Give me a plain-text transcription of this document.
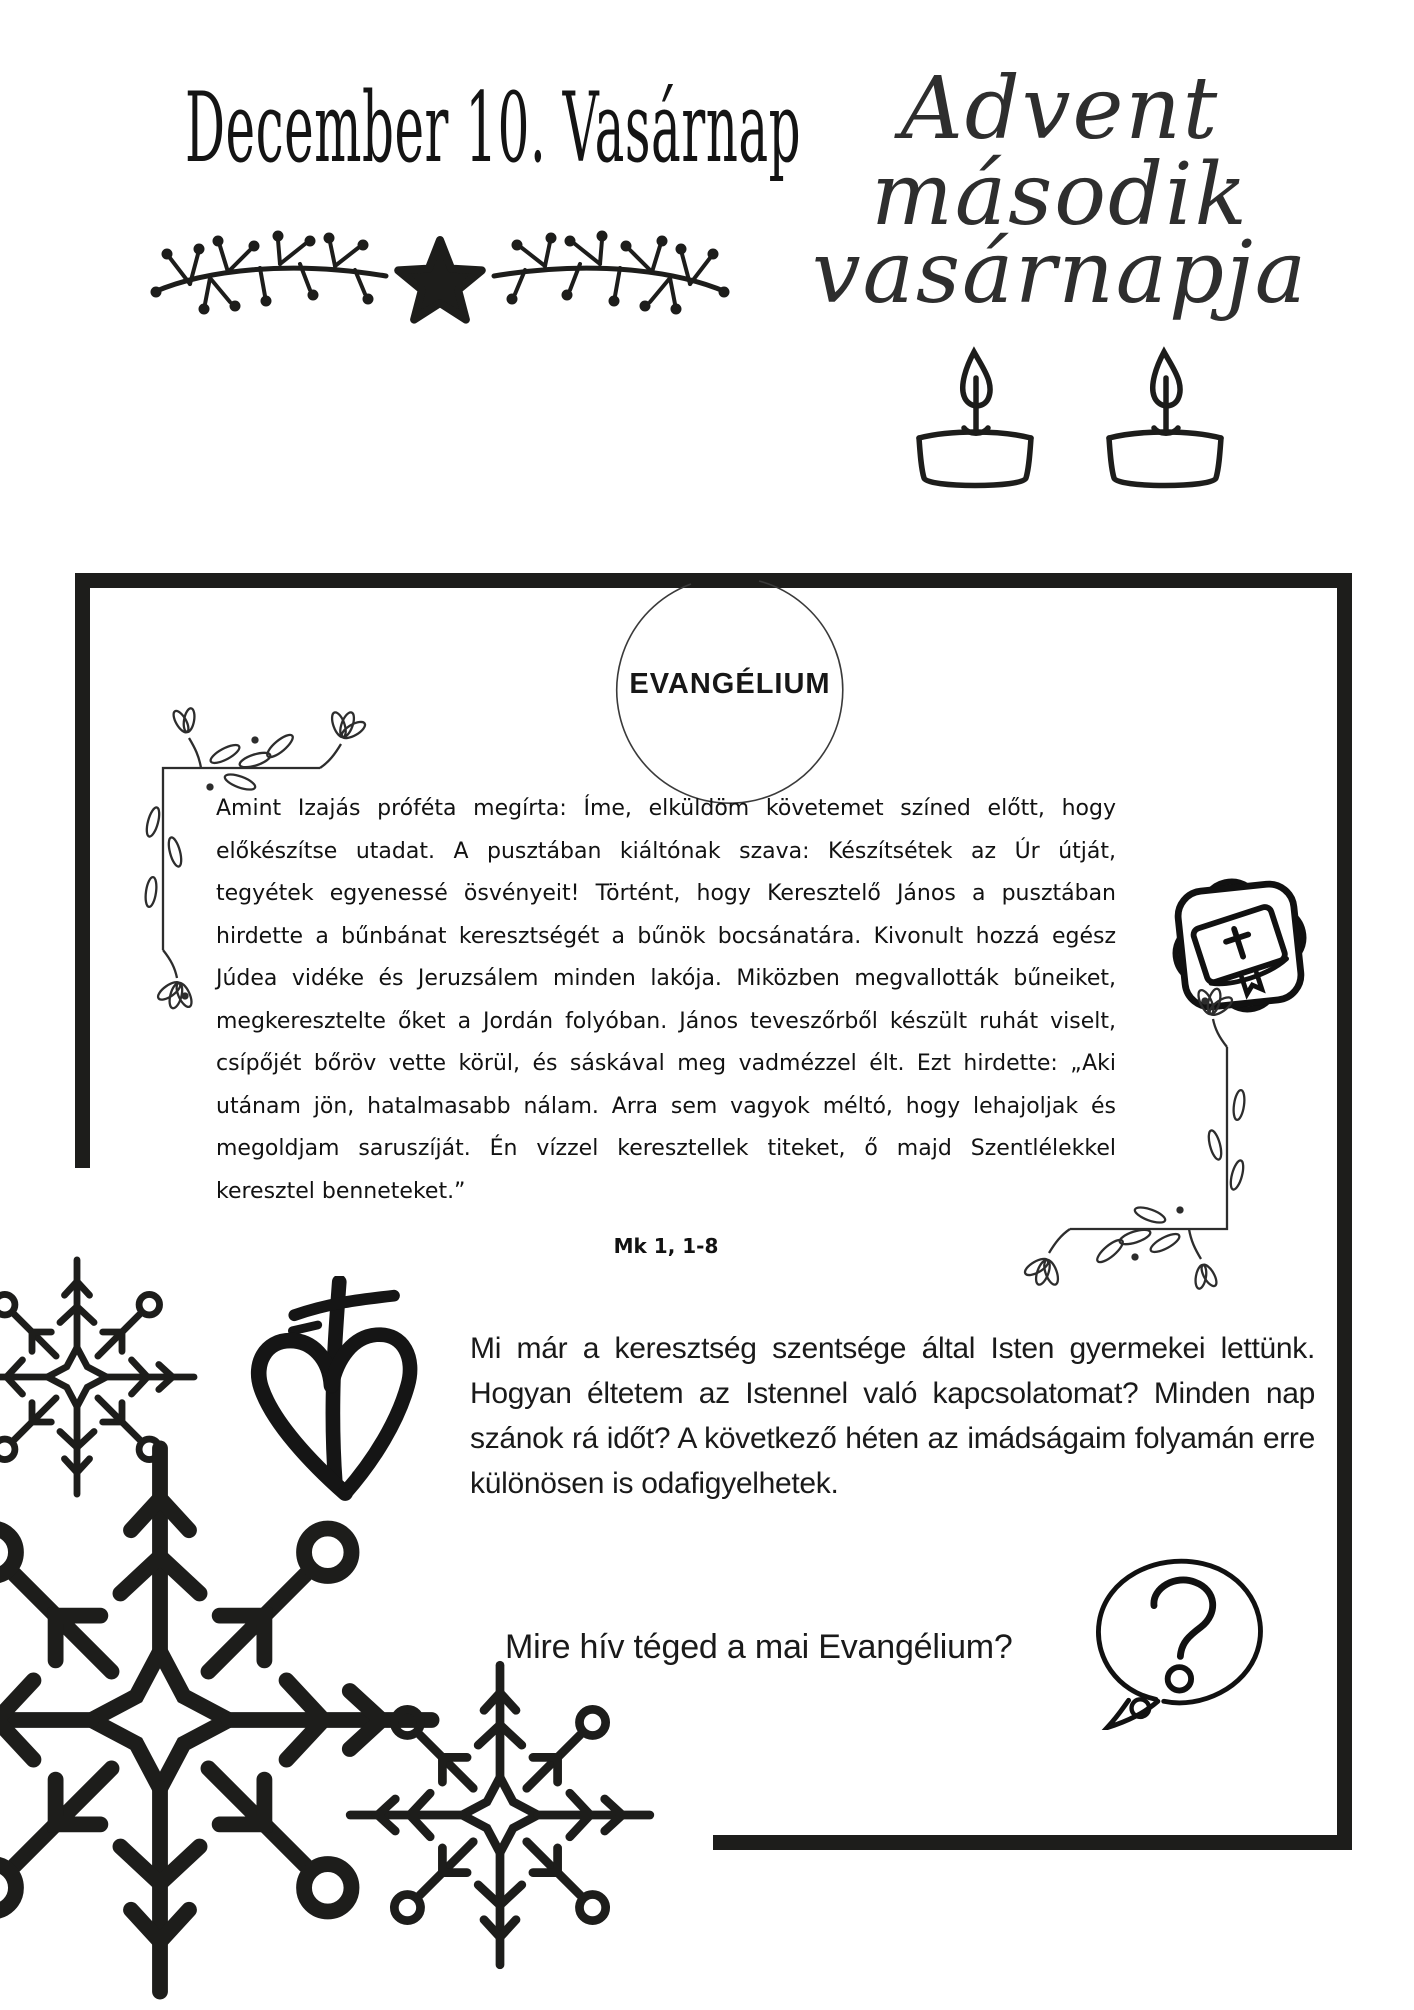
December 10. Vasárnap	Advent második
vasárnapja
EVANGÉLIUM
Amint Izajás próféta megírta: Íme, elküldöm követemet színed előtt, hogy előkészítse utadat. A pusztában kiáltónak szava: Készítsétek az Úr útját, tegyétek egyenessé ösvényeit! Történt, hogy Keresztelő János a pusztában hirdette a bűnbánat keresztségét a bűnök bocsánatára. Kivonult hozzá egész Júdea vidéke és Jeruzsálem minden lakója. Miközben megvallották bűneiket, megkeresztelte őket a Jordán folyóban. János teveszőrből készült ruhát viselt, csípőjét bőröv vette körül, és sáskával meg vadmézzel élt. Ezt hirdette: „Aki utánam jön, hatalmasabb nálam. Arra sem vagyok méltó, hogy lehajoljak és megoldjam saruszíját. Én vízzel keresztellek titeket, ő majd Szentlélekkel keresztel benneteket.”
Mk 1, 1-8
Mi már a keresztség szentsége által Isten gyermekei lettünk. Hogyan éltetem az Istennel való kapcsolatomat? Minden nap szánok rá időt? A következő héten az imádságaim folyamán erre különösen is odafigyelhetek.
Mire hív téged a mai Evangélium?
